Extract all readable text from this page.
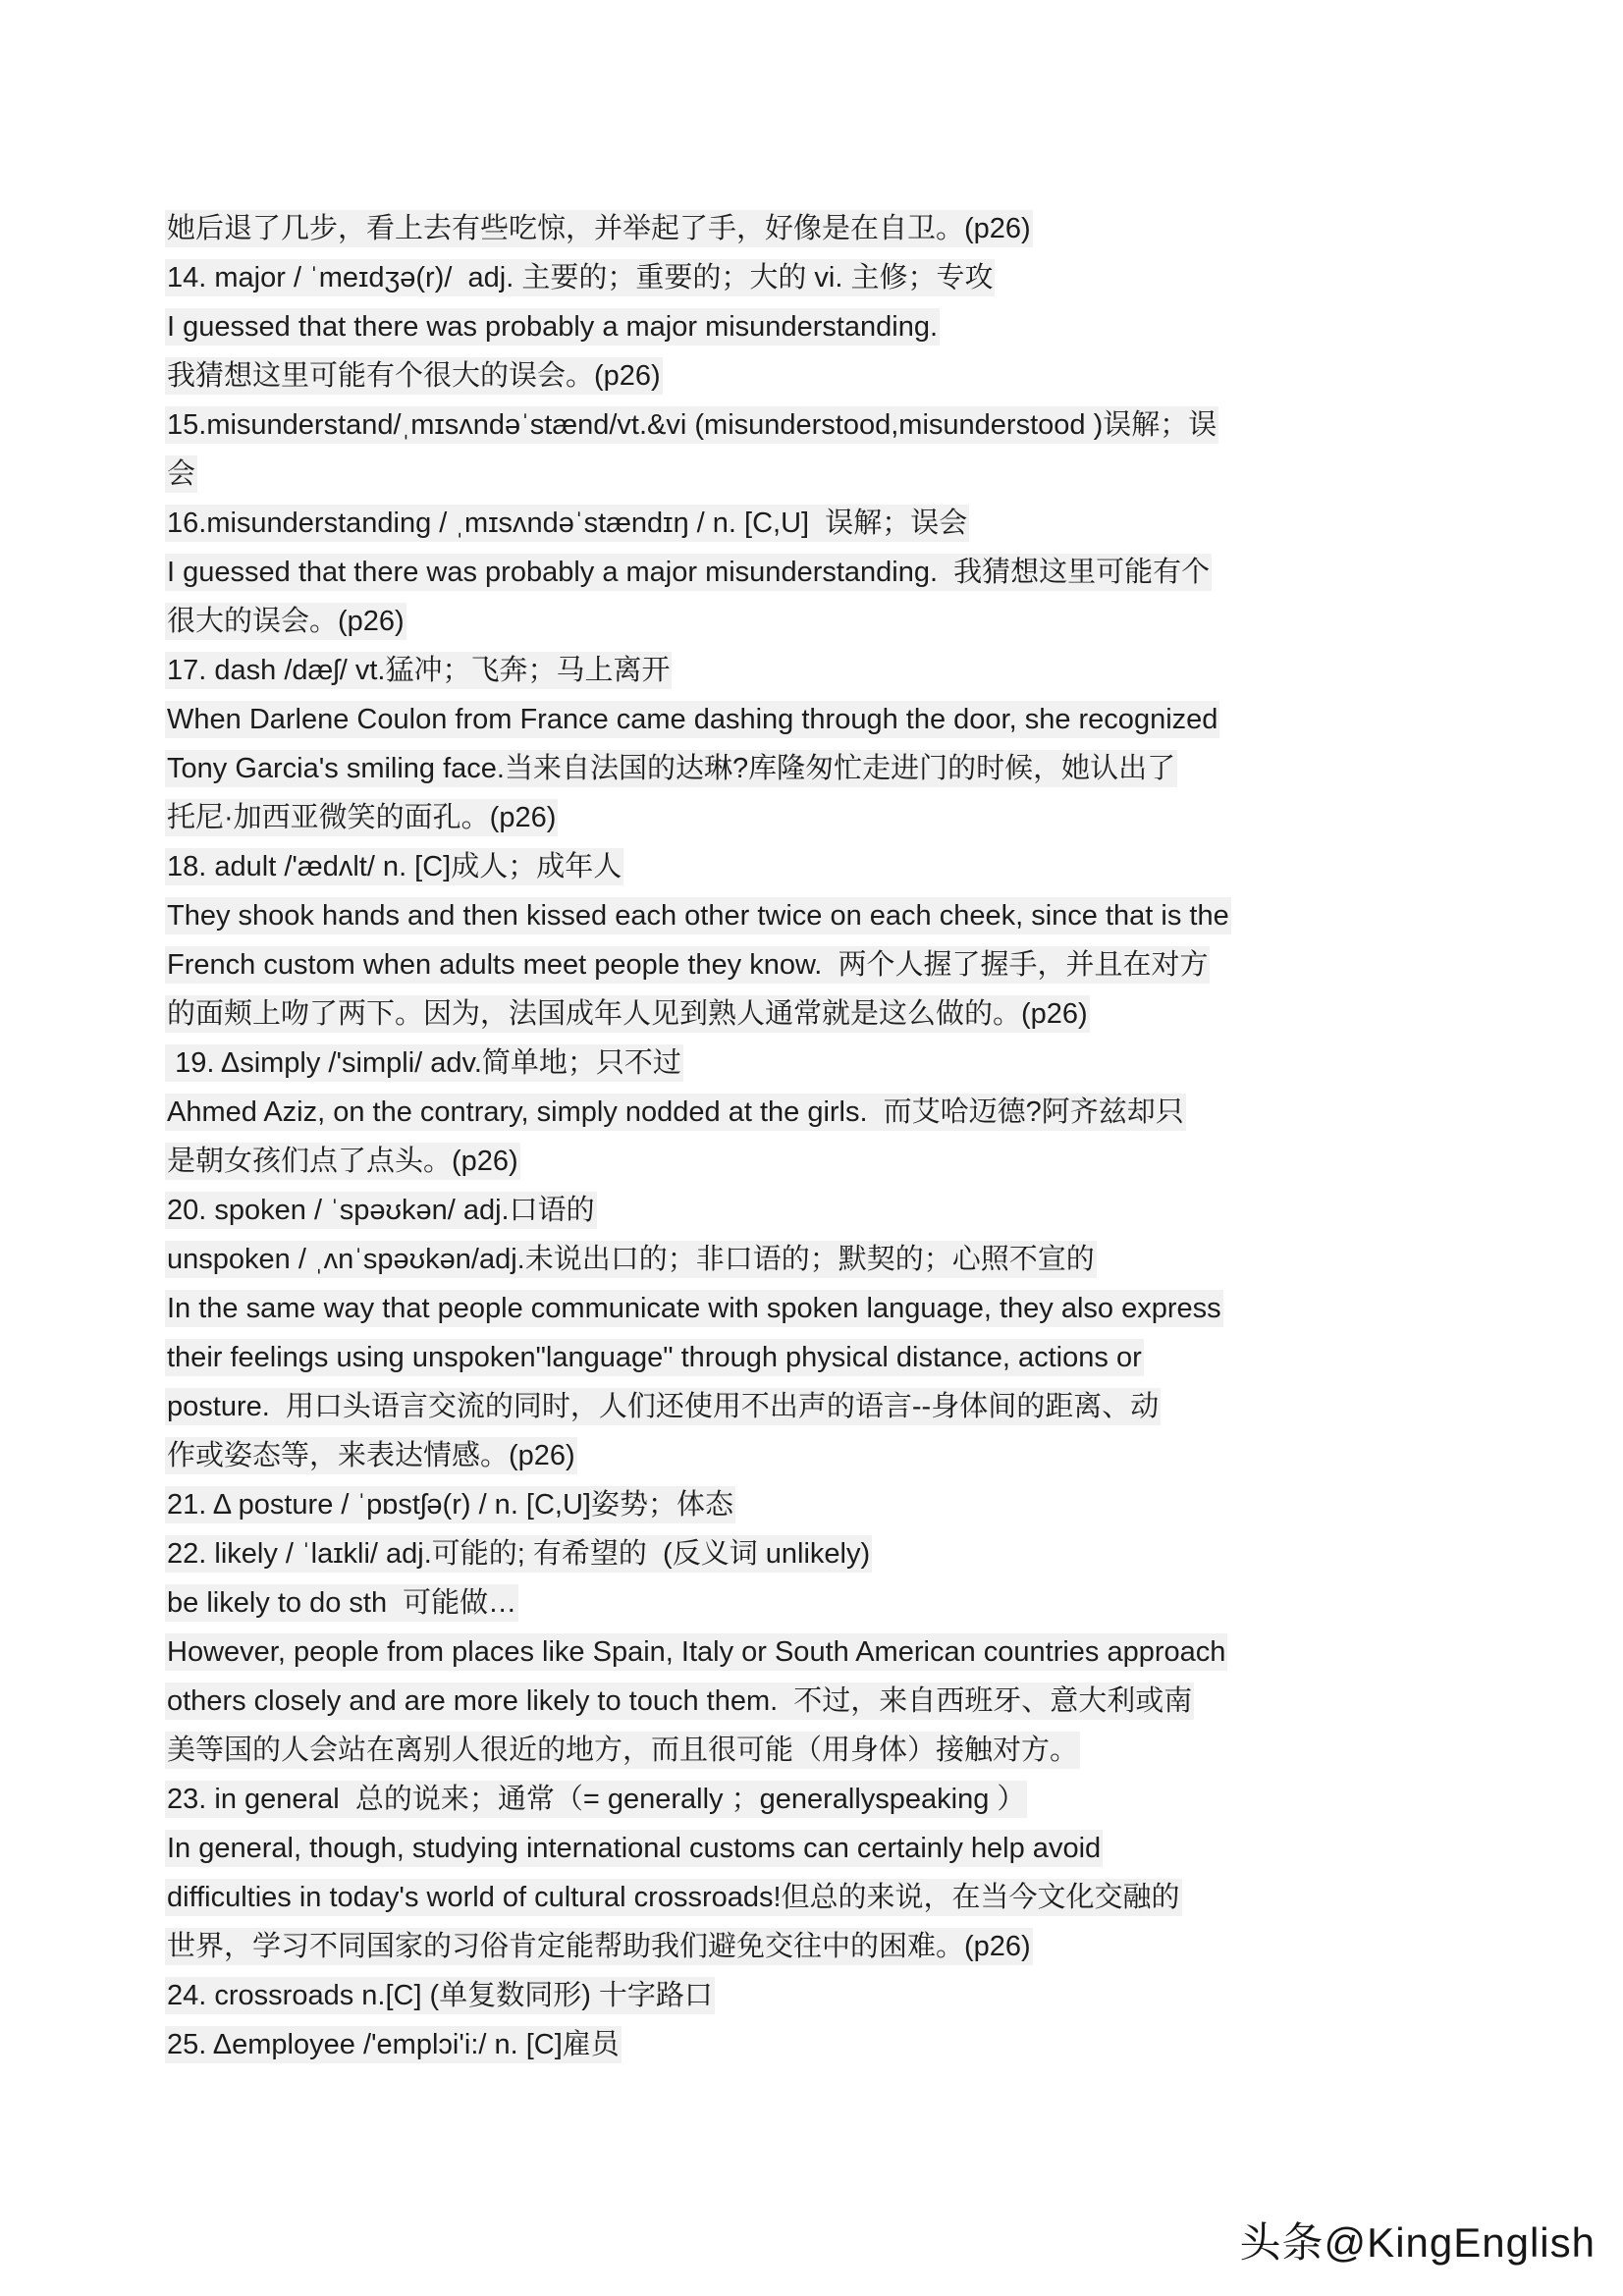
她后退了几步，看上去有些吃惊，并举起了手，好像是在自卫。(p26)
14. major / ˈmeɪdʒə(r)/  adj. 主要的；重要的；大的 vi. 主修；专攻
I guessed that there was probably a major misunderstanding.
我猜想这里可能有个很大的误会。(p26)
15.misunderstand/ˌmɪsʌndəˈstænd/vt.&vi (misunderstood,misunderstood )误解；误
会
16.misunderstanding / ˌmɪsʌndəˈstændɪŋ / n. [C,U]  误解；误会
I guessed that there was probably a major misunderstanding.  我猜想这里可能有个
很大的误会。(p26)
17. dash /dæʃ/ vt.猛冲；飞奔；马上离开
When Darlene Coulon from France came dashing through the door, she recognized
Tony Garcia's smiling face.当来自法国的达琳?库隆匆忙走进门的时候，她认出了
托尼·加西亚微笑的面孔。(p26)
18. adult /'ædʌlt/ n. [C]成人；成年人
They shook hands and then kissed each other twice on each cheek, since that is the
French custom when adults meet people they know.  两个人握了握手，并且在对方
的面颊上吻了两下。因为，法国成年人见到熟人通常就是这么做的。(p26)
19. Δsimply /'simpli/ adv.简单地；只不过
Ahmed Aziz, on the contrary, simply nodded at the girls.  而艾哈迈德?阿齐兹却只
是朝女孩们点了点头。(p26)
20. spoken / ˈspəʊkən/ adj.口语的
unspoken / ˌʌnˈspəʊkən/adj.未说出口的；非口语的；默契的；心照不宣的
In the same way that people communicate with spoken language, they also express
their feelings using unspoken"language" through physical distance, actions or
posture.  用口头语言交流的同时，人们还使用不出声的语言--身体间的距离、动
作或姿态等，来表达情感。(p26)
21. Δ posture / ˈpɒstʃə(r) / n. [C,U]姿势；体态
22. likely / ˈlaɪkli/ adj.可能的; 有希望的  (反义词 unlikely)
be likely to do sth  可能做…
However, people from places like Spain, Italy or South American countries approach
others closely and are more likely to touch them.  不过，来自西班牙、意大利或南
美等国的人会站在离别人很近的地方，而且很可能（用身体）接触对方。
23. in general  总的说来；通常（= generally ；generallyspeaking ）
In general, though, studying international customs can certainly help avoid
difficulties in today's world of cultural crossroads!但总的来说，在当今文化交融的
世界，学习不同国家的习俗肯定能帮助我们避免交往中的困难。(p26)
24. crossroads n.[C] (单复数同形) 十字路口
25. Δemployee /'emplɔi'i:/ n. [C]雇员
头条@KingEnglish
